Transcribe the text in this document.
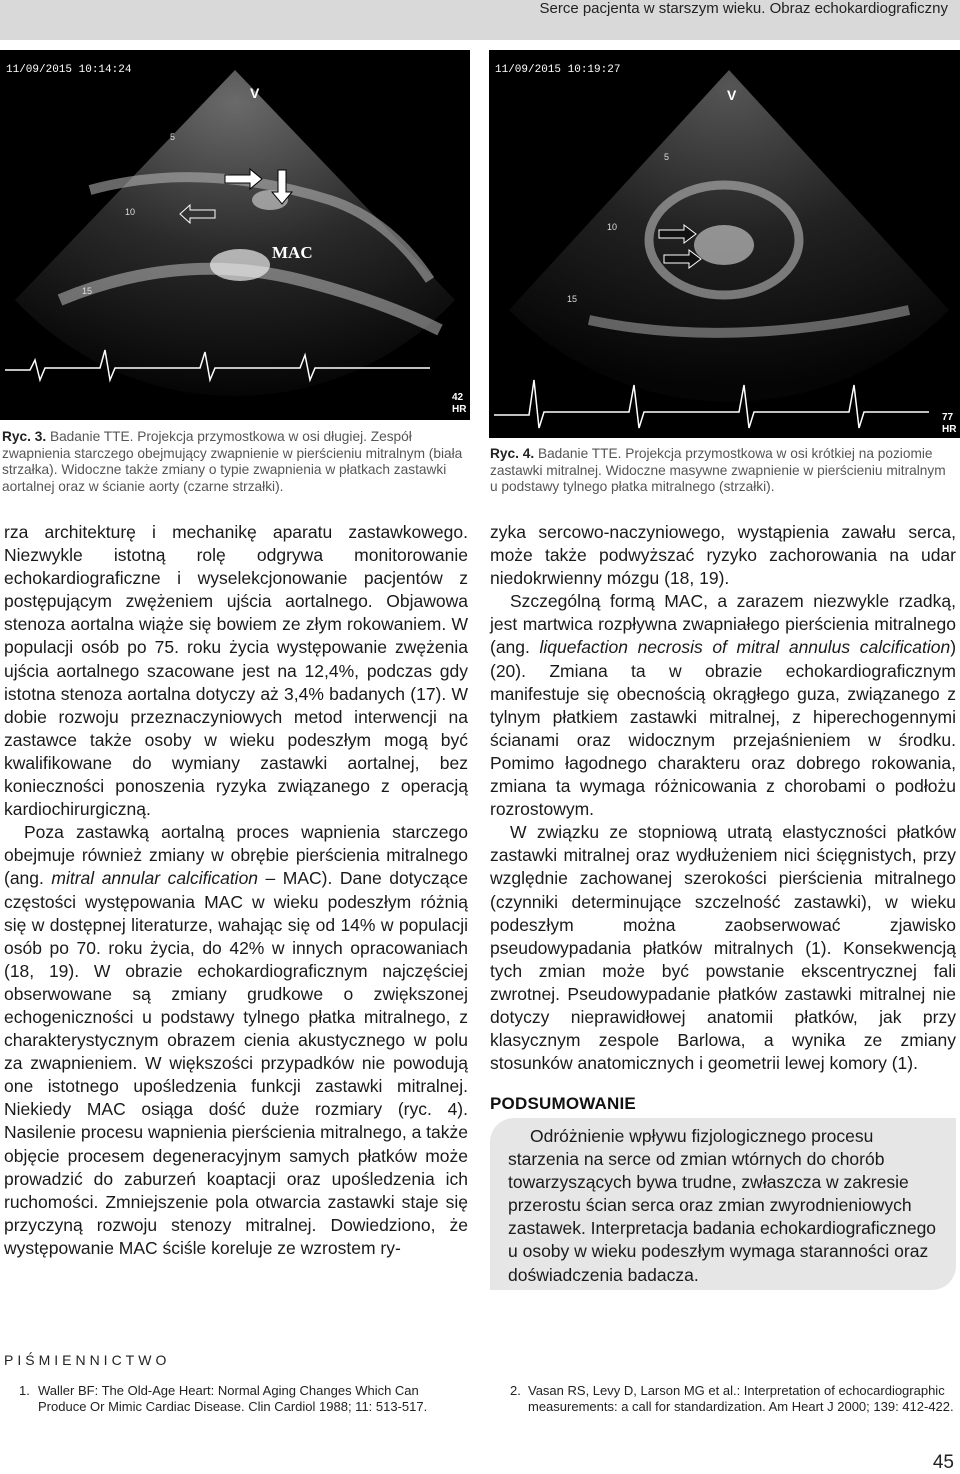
Serce pacjenta w starszym wieku. Obraz echokardiograficzny
11/09/2015 10:14:24
V
MAC
5
10
15
42
HR
11/09/2015 10:19:27
V
5
10
15
77
HR
Ryc. 3. Badanie TTE. Projekcja przymostkowa w osi długiej. Zespół zwapnienia starczego obejmujący zwapnienie w pierścieniu mitralnym (biała strzałka). Widoczne także zmiany o typie zwapnienia w płatkach zastawki aortalnej oraz w ścianie aorty (czarne strzałki).
Ryc. 4. Badanie TTE. Projekcja przymostkowa w osi krótkiej na poziomie zastawki mitralnej. Widoczne masywne zwapnienie w pierścieniu mitralnym u podstawy tylnego płatka mitralnego (strzałki).

rza architekturę i mechanikę aparatu zastawkowego. Niezwykle istotną rolę odgrywa monitorowanie echokardiograficzne i wyselekcjonowanie pacjentów z postępującym zwężeniem ujścia aortalnego. Objawowa stenoza aortalna wiąże się bowiem ze złym rokowaniem. W populacji osób po 75. roku życia występowanie zwężenia ujścia aortalnego szacowane jest na 12,4%, podczas gdy istotna stenoza aortalna dotyczy aż 3,4% badanych (17). W dobie rozwoju przeznaczyniowych metod interwencji na zastawce także osoby w wieku podeszłym mogą być kwalifikowane do wymiany zastawki aortalnej, bez konieczności ponoszenia ryzyka związanego z operacją kardiochirurgiczną.

Poza zastawką aortalną proces wapnienia starczego obejmuje również zmiany w obrębie pierścienia mitralnego (ang. mitral annular calcification – MAC). Dane dotyczące częstości występowania MAC w wieku podeszłym różnią się w dostępnej literaturze, wahając się od 14% w populacji osób po 70. roku życia, do 42% w innych opracowaniach (18, 19). W obrazie echokardiograficznym najczęściej obserwowane są zmiany grudkowe o zwiększonej echogeniczności u podstawy tylnego płatka mitralnego, z charakterystycznym obrazem cienia akustycznego w polu za zwapnieniem. W większości przypadków nie powodują one istotnego upośledzenia funkcji zastawki mitralnej. Niekiedy MAC osiąga dość duże rozmiary (ryc. 4). Nasilenie procesu wapnienia pierścienia mitralnego, a także objęcie procesem degeneracyjnym samych płatków może prowadzić do zaburzeń koaptacji oraz upośledzenia ich ruchomości. Zmniejszenie pola otwarcia zastawki staje się przyczyną rozwoju stenozy mitralnej. Dowiedziono, że występowanie MAC ściśle koreluje ze wzrostem ry-

zyka sercowo-naczyniowego, wystąpienia zawału serca, może także podwyższać ryzyko zachorowania na udar niedokrwienny mózgu (18, 19).

Szczególną formą MAC, a zarazem niezwykle rzadką, jest martwica rozpływna zwapniałego pierścienia mitralnego (ang. liquefaction necrosis of mitral annulus calcification) (20). Zmiana ta w obrazie echokardiograficznym manifestuje się obecnością okrągłego guza, związanego z tylnym płatkiem zastawki mitralnej, z hiperechogennymi ścianami oraz widocznym przejaśnieniem w środku. Pomimo łagodnego charakteru oraz dobrego rokowania, zmiana ta wymaga różnicowania z chorobami o podłożu rozrostowym.

W związku ze stopniową utratą elastyczności płatków zastawki mitralnej oraz wydłużeniem nici ścięgnistych, przy względnie zachowanej szerokości pierścienia mitralnego (czynniki determinujące szczelność zastawki), w wieku podeszłym można zaobserwować zjawisko pseudowypadania płatków mitralnych (1). Konsekwencją tych zmian może być powstanie ekscentrycznej fali zwrotnej. Pseudowypadanie płatków zastawki mitralnej nie dotyczy nieprawidłowej anatomii płatków, jak przy klasycznym zespole Barlowa, a wynika ze zmiany stosunków anatomicznych i geometrii lewej komory (1).

PODSUMOWANIE
Odróżnienie wpływu fizjologicznego procesu starzenia na serce od zmian wtórnych do chorób towarzyszących bywa trudne, zwłaszcza w zakresie przerostu ścian serca oraz zmian zwyrodnieniowych zastawek. Interpretacja badania echokardiograficznego u osoby w wieku podeszłym wymaga staranności oraz doświadczenia badacza.
PIŚMIENNICTWO
1. Waller BF: The Old-Age Heart: Normal Aging Changes Which Can Produce Or Mimic Cardiac Disease. Clin Cardiol 1988; 11: 513-517.
2. Vasan RS, Levy D, Larson MG et al.: Interpretation of echocardiographic measurements: a call for standardization. Am Heart J 2000; 139: 412-422.
45
